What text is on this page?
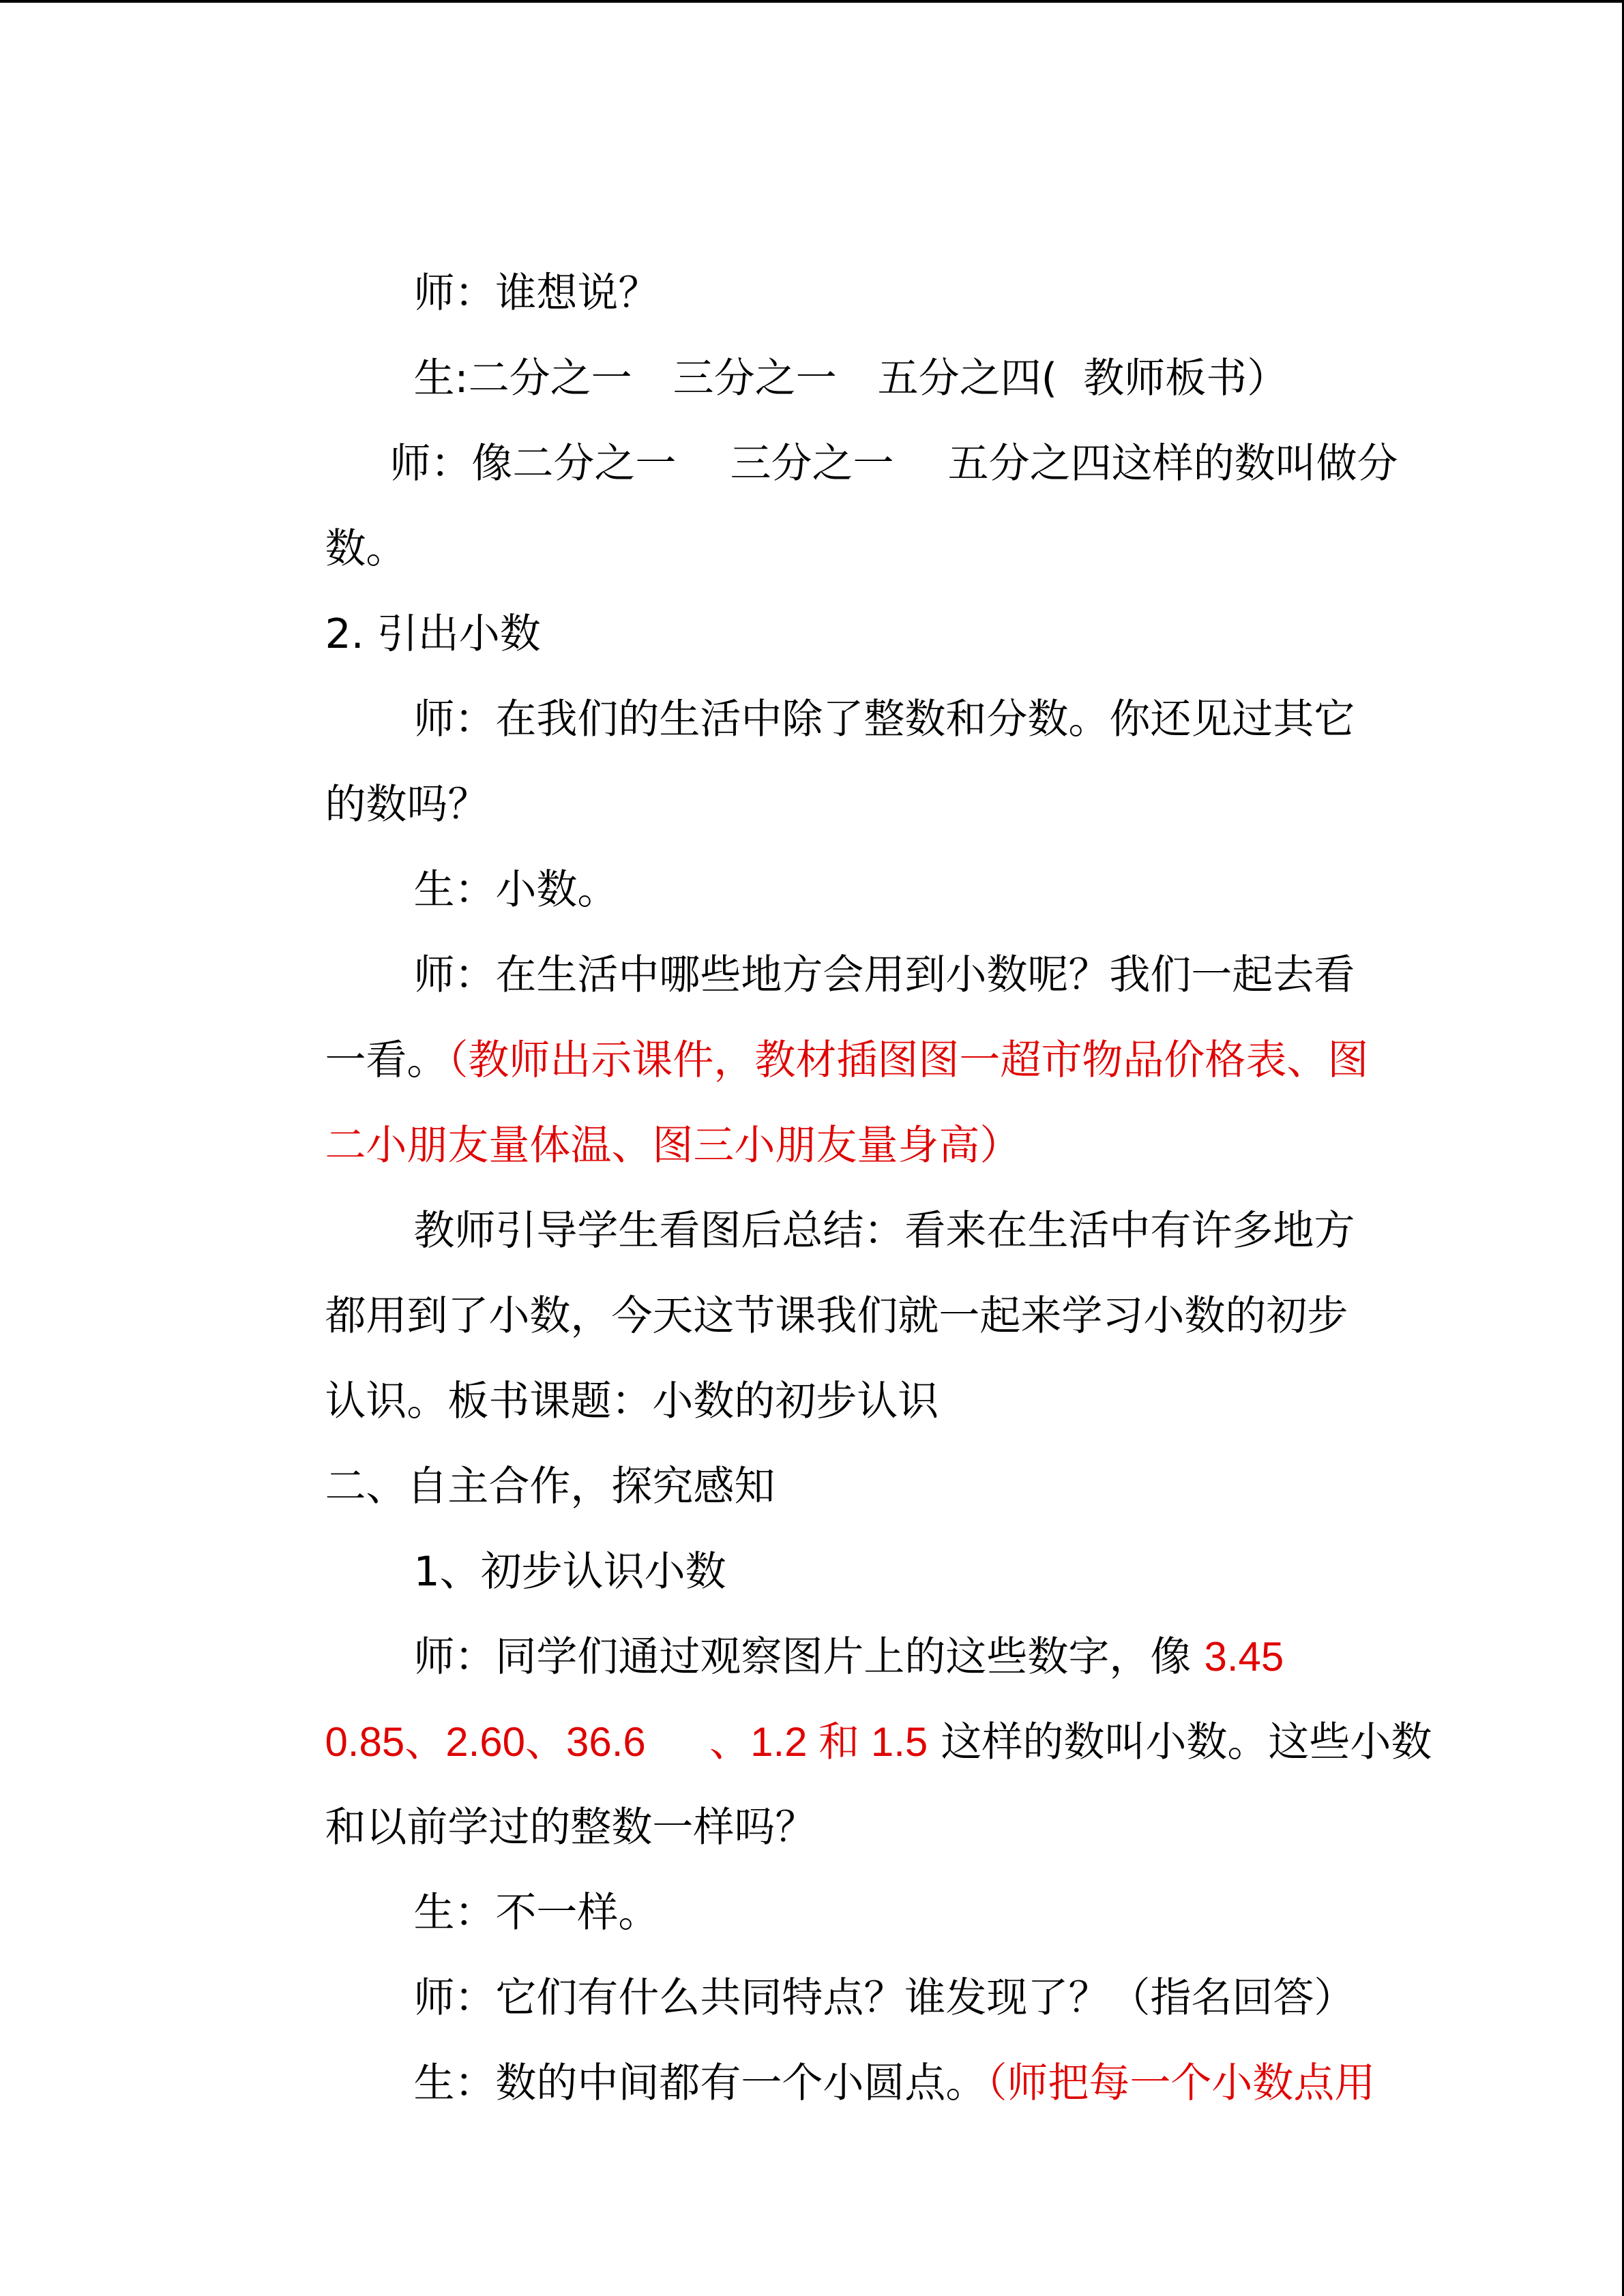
师：谁想说？

生:二分之一　三分之一　五分之四(  教师板书）

师：像二分之一　 三分之一　 五分之四这样的数叫做分

数。

2. 引出小数

师：在我们的生活中除了整数和分数。你还见过其它

的数吗？

生：小数。

师：在生活中哪些地方会用到小数呢？我们一起去看

一看。（教师出示课件，教材插图图一超市物品价格表、图

二小朋友量体温、图三小朋友量身高）

教师引导学生看图后总结：看来在生活中有许多地方

都用到了小数，今天这节课我们就一起来学习小数的初步

认识。板书课题：小数的初步认识

二、自主合作，探究感知

1、初步认识小数

师：同学们通过观察图片上的这些数字，像 3.45

0.85、2.60、36.6　  、1.2 和 1.5 这样的数叫小数。这些小数

和以前学过的整数一样吗？

生：不一样。

师：它们有什么共同特点？谁发现了？（指名回答）

生：数的中间都有一个小圆点。（师把每一个小数点用
